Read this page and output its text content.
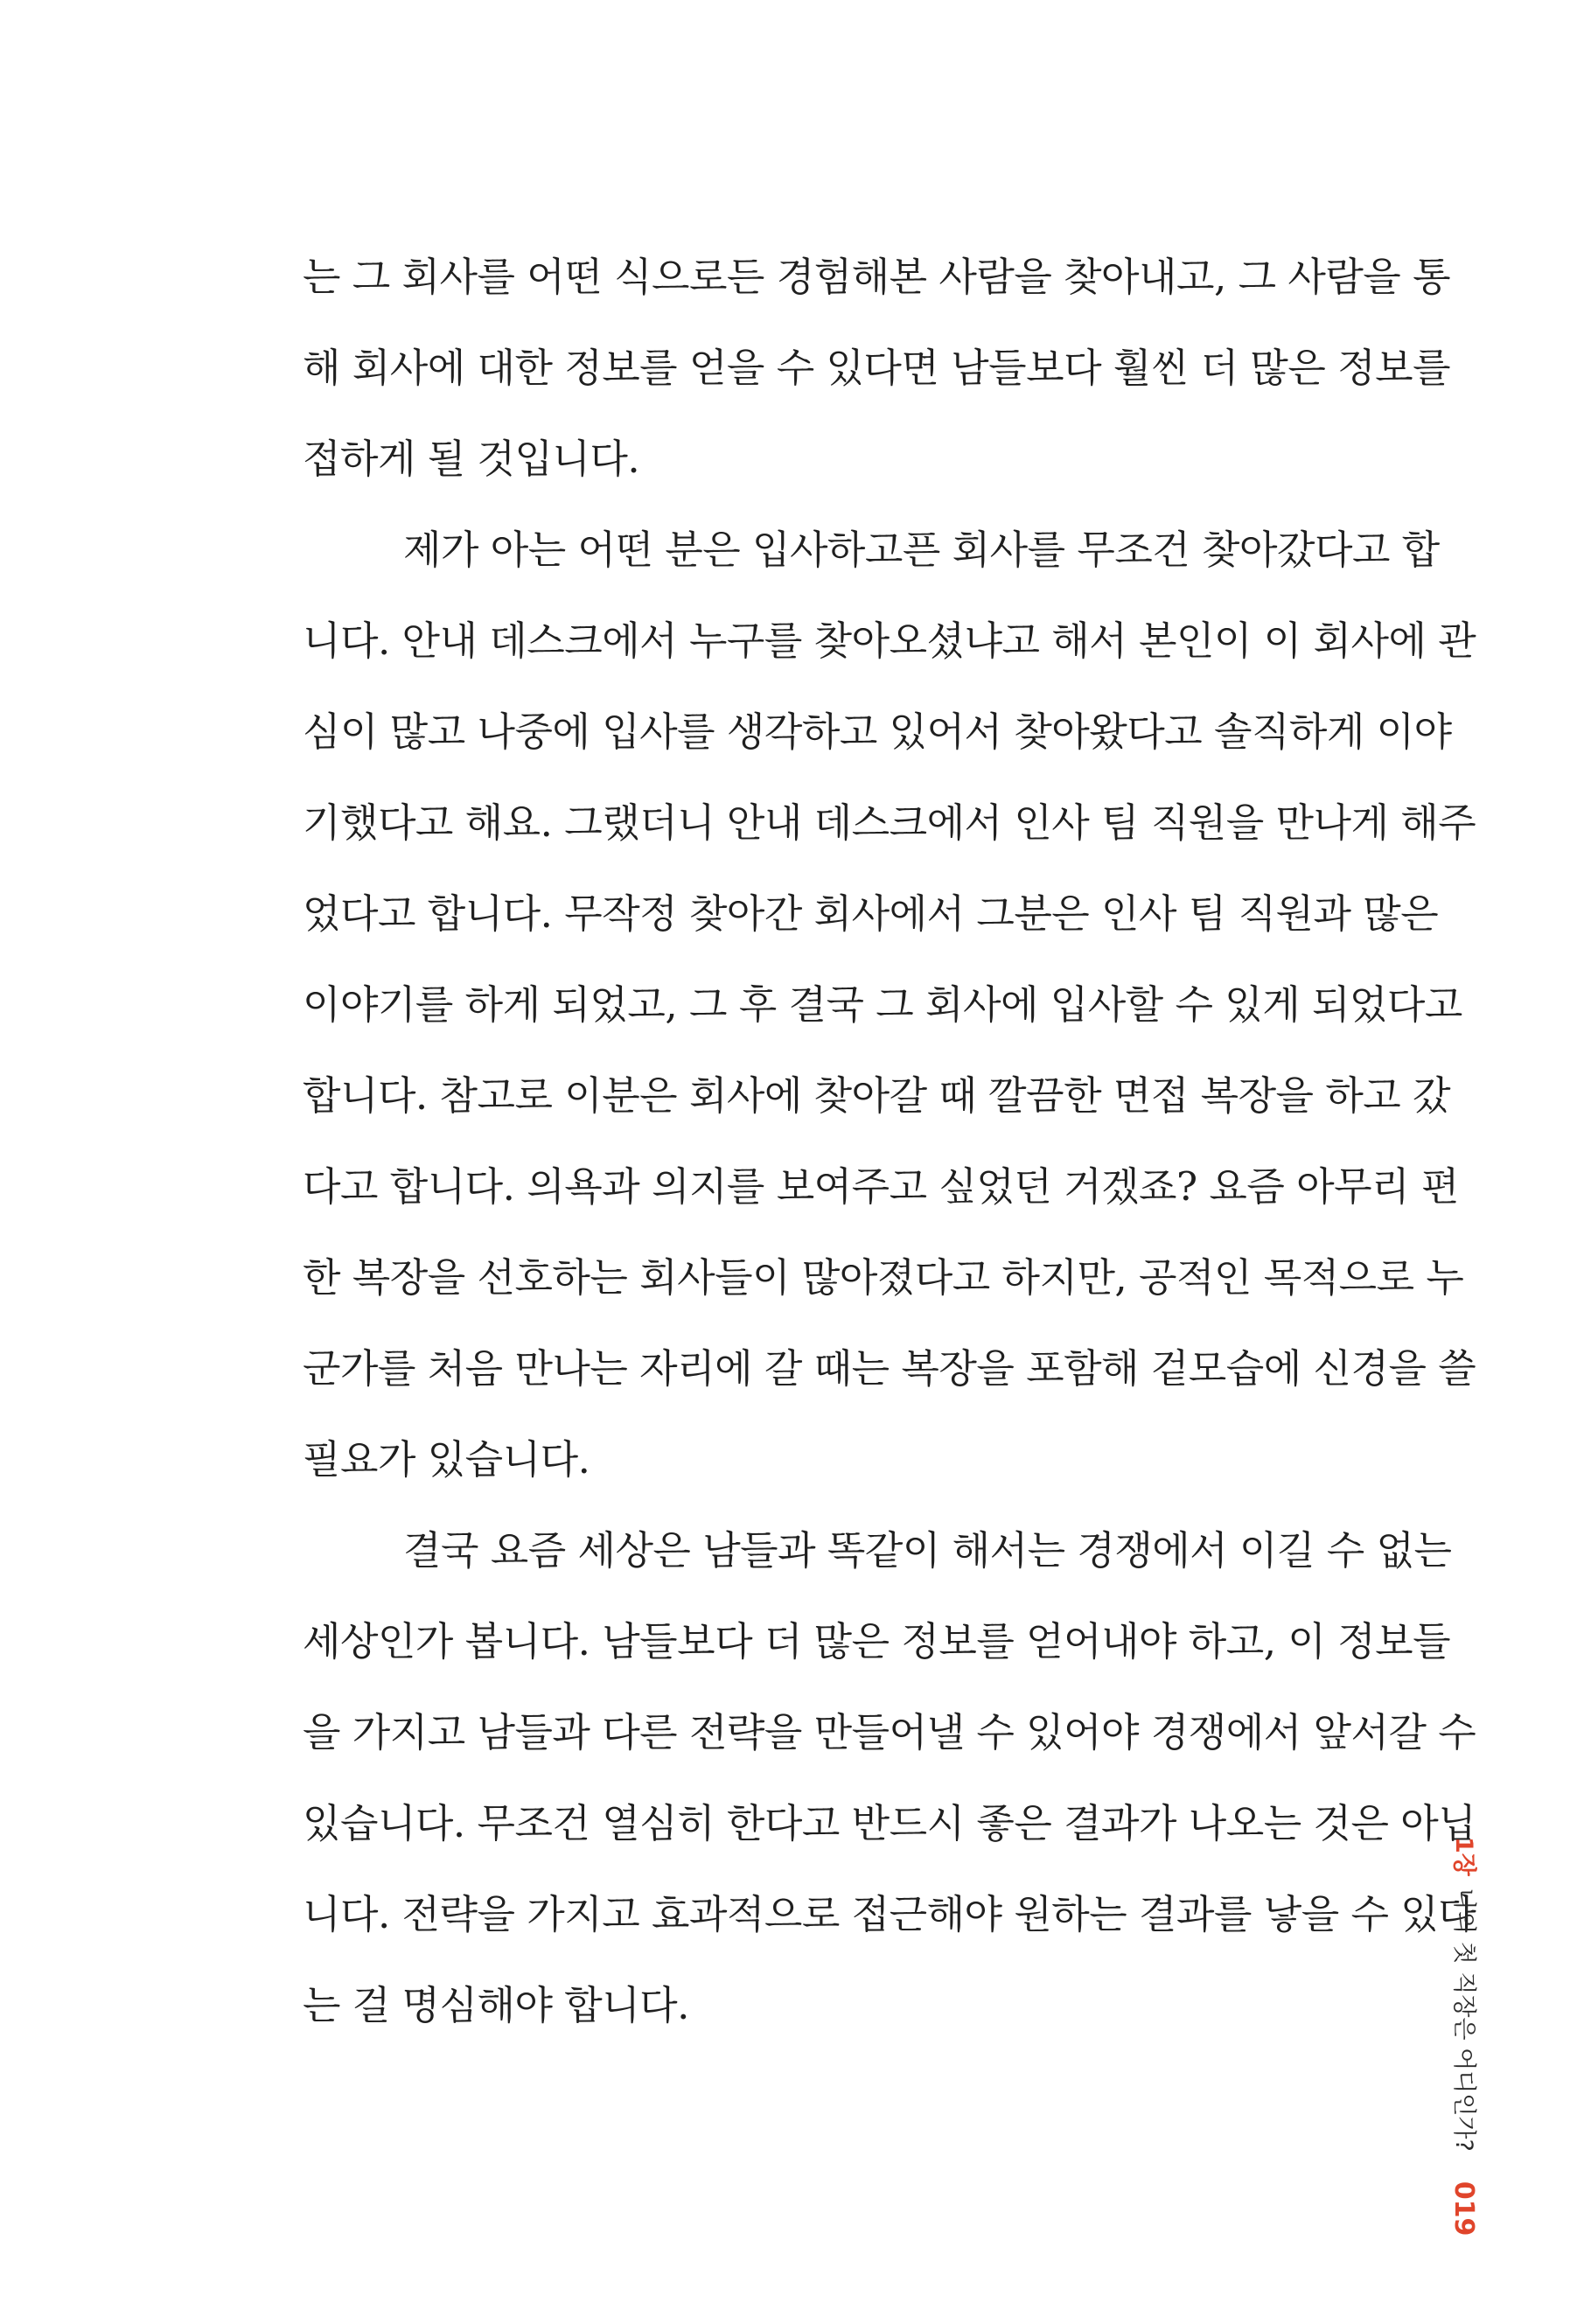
는 그 회사를 어떤 식으로든 경험해본 사람을 찾아내고, 그 사람을 통
해 회사에 대한 정보를 얻을 수 있다면 남들보다 훨씬 더 많은 정보를
접하게 될 것입니다.
제가 아는 어떤 분은 입사하고픈 회사를 무조건 찾아갔다고 합
니다. 안내 데스크에서 누구를 찾아오셨냐고 해서 본인이 이 회사에 관
심이 많고 나중에 입사를 생각하고 있어서 찾아왔다고 솔직하게 이야
기했다고 해요. 그랬더니 안내 데스크에서 인사 팀 직원을 만나게 해주
었다고 합니다. 무작정 찾아간 회사에서 그분은 인사 팀 직원과 많은
이야기를 하게 되었고, 그 후 결국 그 회사에 입사할 수 있게 되었다고
합니다. 참고로 이분은 회사에 찾아갈 때 깔끔한 면접 복장을 하고 갔
다고 합니다. 의욕과 의지를 보여주고 싶었던 거겠죠? 요즘 아무리 편
한 복장을 선호하는 회사들이 많아졌다고 하지만, 공적인 목적으로 누
군가를 처음 만나는 자리에 갈 때는 복장을 포함해 겉모습에 신경을 쓸
필요가 있습니다.
결국 요즘 세상은 남들과 똑같이 해서는 경쟁에서 이길 수 없는
세상인가 봅니다. 남들보다 더 많은 정보를 얻어내야 하고, 이 정보들
을 가지고 남들과 다른 전략을 만들어낼 수 있어야 경쟁에서 앞서갈 수
있습니다. 무조건 열심히 한다고 반드시 좋은 결과가 나오는 것은 아닙
니다. 전략을 가지고 효과적으로 접근해야 원하는 결과를 낳을 수 있다
는 걸 명심해야 합니다.
1장
나의 첫 직장은 어디인가?
019
